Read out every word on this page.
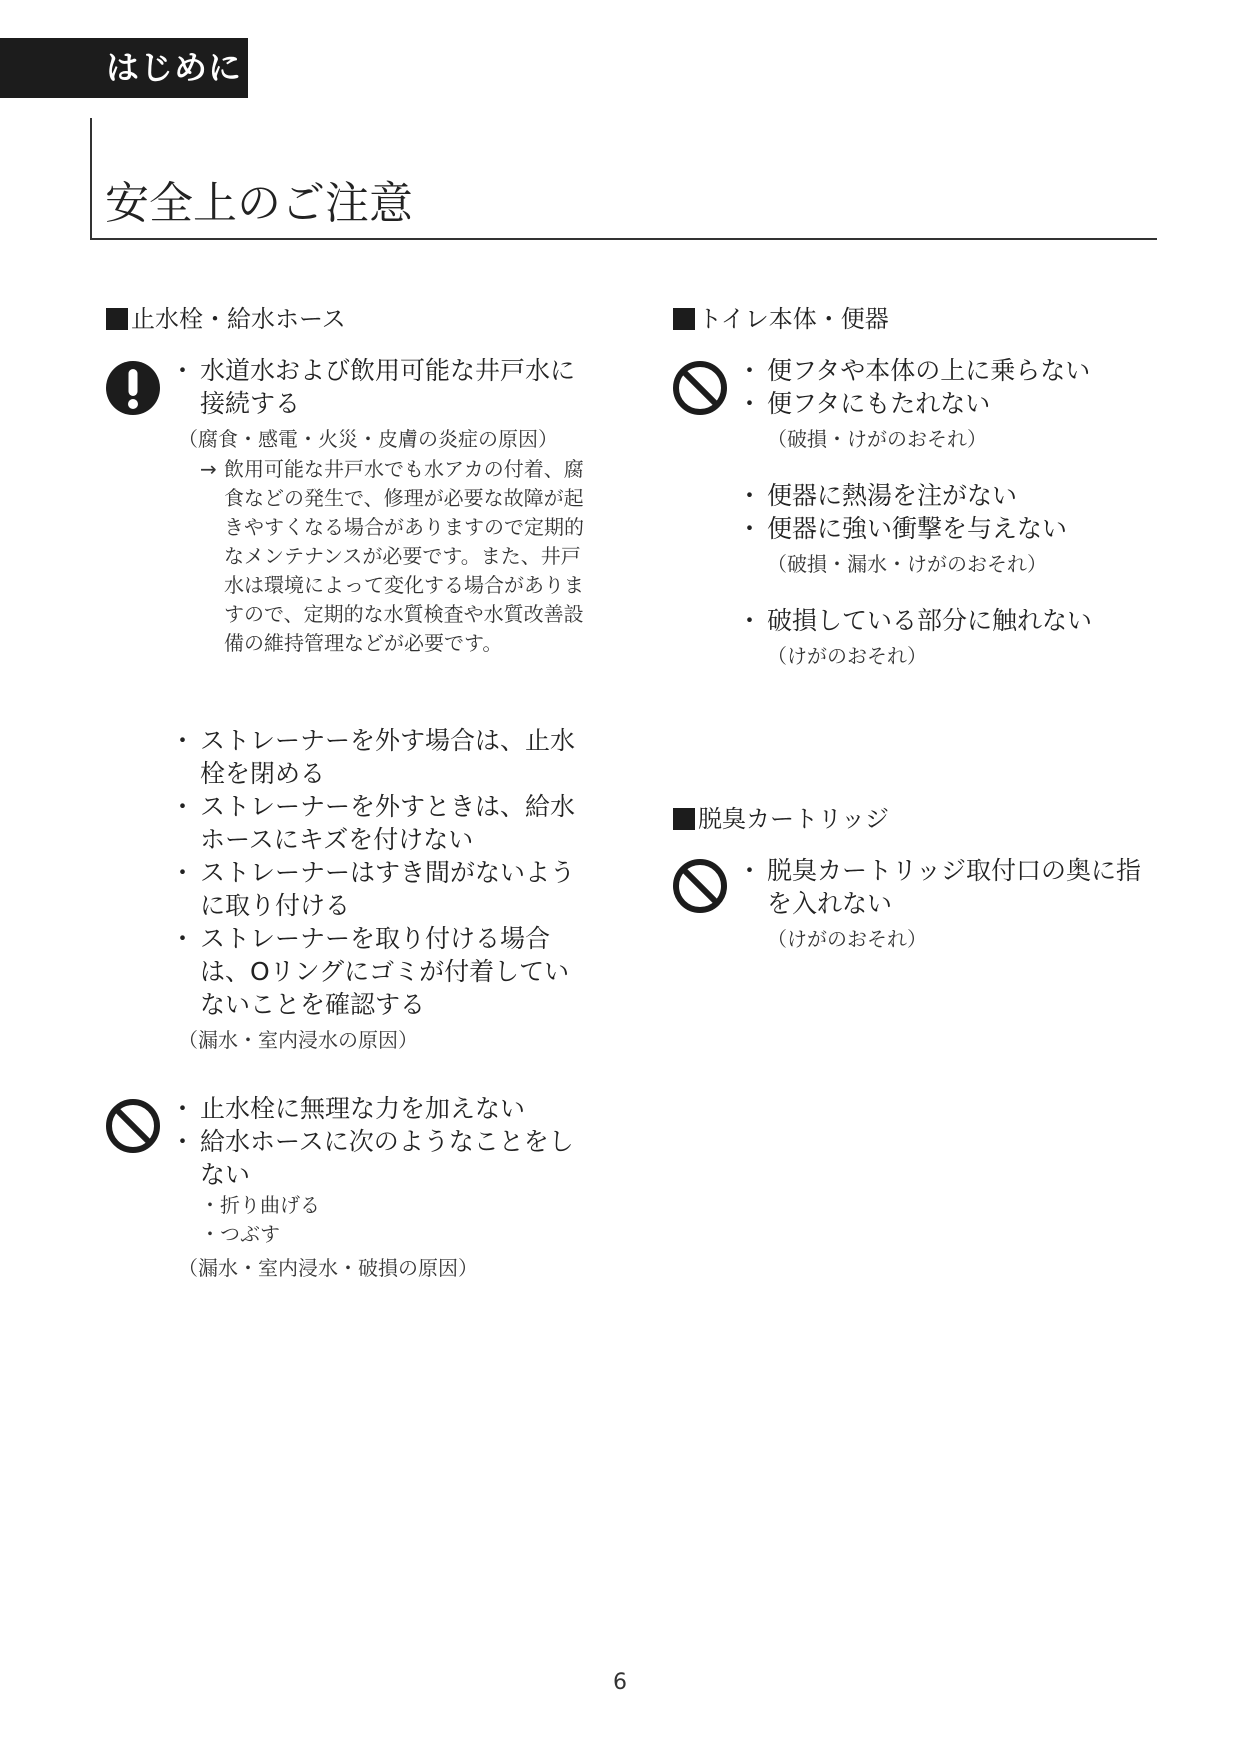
はじめに
安全上のご注意
止水栓・給水ホース
・ 水道水および飲用可能な井戸水に接続する
（腐食・感電・火災・皮膚の炎症の原因）
→ 飲用可能な井戸水でも水アカの付着、腐食などの発生で、修理が必要な故障が起きやすくなる場合がありますので定期的なメンテナンスが必要です。また、井戸水は環境によって変化する場合がありますので、定期的な水質検査や水質改善設備の維持管理などが必要です。
・ ストレーナーを外す場合は、止水栓を閉める
・ ストレーナーを外すときは、給水ホースにキズを付けない
・ ストレーナーはすき間がないように取り付ける
・ ストレーナーを取り付ける場合は、Oリングにゴミが付着していないことを確認する
（漏水・室内浸水の原因）
・ 止水栓に無理な力を加えない
・ 給水ホースに次のようなことをしない
・折り曲げる
・つぶす
（漏水・室内浸水・破損の原因）
トイレ本体・便器
・ 便フタや本体の上に乗らない
・ 便フタにもたれない
（破損・けがのおそれ）
・ 便器に熱湯を注がない
・ 便器に強い衝撃を与えない
（破損・漏水・けがのおそれ）
・ 破損している部分に触れない
（けがのおそれ）
脱臭カートリッジ
・ 脱臭カートリッジ取付口の奥に指を入れない
（けがのおそれ）
6
